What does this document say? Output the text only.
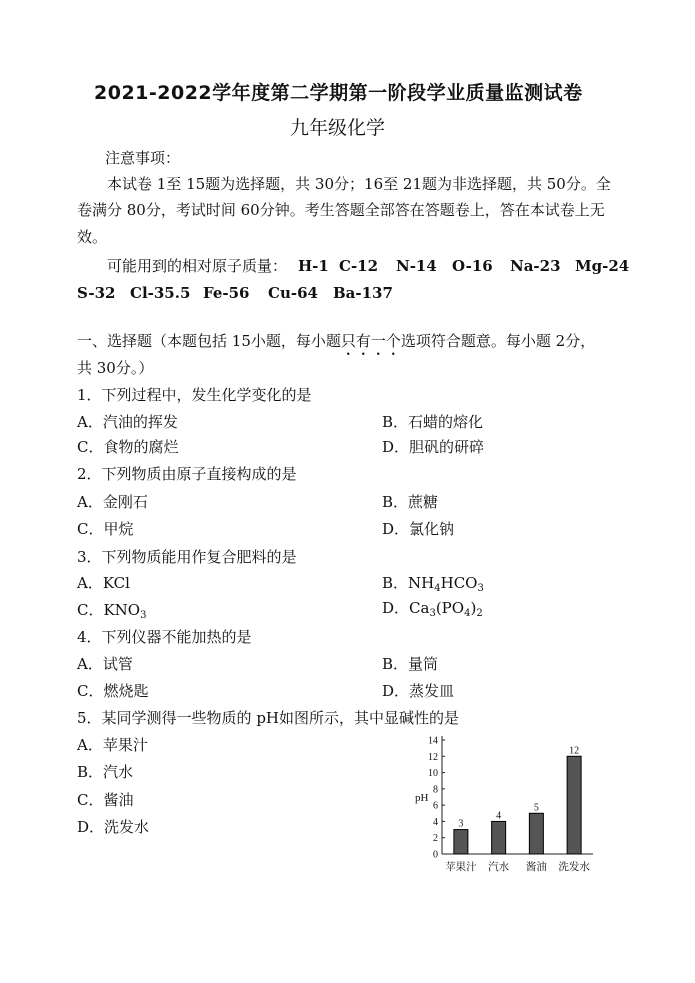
2021-2022学年度第二学期第一阶段学业质量监测试卷
九年级化学
注意事项：
本试卷 1至 15题为选择题，共 30分；16至 21题为非选择题，共 50分。全
卷满分 80分，考试时间 60分钟。考生答题全部答在答题卷上，答在本试卷上无
效。
可能用到的相对原子质量： H-1 C-12 N-14 O-16 Na-23 Mg-24
S-32 Cl-35.5 Fe-56 Cu-64 Ba-137
一、选择题（本题包括 15小题，每小题只有一个选项符合题意。每小题 2分，
共 30分。）
1．下列过程中，发生化学变化的是
A．汽油的挥发	B．石蜡的熔化
C．食物的腐烂	D．胆矾的研碎
2．下列物质由原子直接构成的是
A．金刚石	B．蔗糖
C．甲烷	D．氯化钠
3．下列物质能用作复合肥料的是
A．KCl	B．$NH_4HCO_3$
C．$KNO_3$	D．$Ca_3(PO_4)_2$
4．下列仪器不能加热的是
A．试管	B．量筒
C．燃烧匙	D．蒸发皿
5．某同学测得一些物质的 pH如图所示，其中显碱性的是
A．苹果汁
B．汽水
C．酱油
D．洗发水
0
2
4
6
8
10
12
14
pH
3
苹果汁
4
汽水
5
酱油
12
洗发水
